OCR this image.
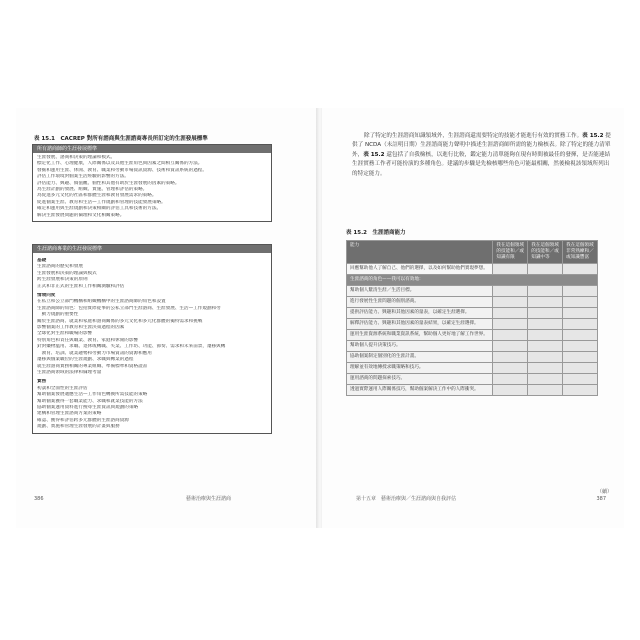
表 15.1　CACREP 對所有諮商與生涯諮商專長所訂定的生涯發展標準
所有諮商師的生涯發展標準
生涯發展、諮商和決策的理論和模式。
標定化工作、心理健康，人際關係以及其他生涯角色與因素之間相互關係的方法。
發掘和運用生涯、休閒、教育、職業和勞動市場資訊資源、技術和資訊系統的過程。
評估工作環境對個案生活經驗的影響的方法。
評估能力、興趣、價值觀、個性和其他有助於生涯發展的因素的策略。
為生涯計劃的發展、組織、實施、管理和評估的策略。
為促進多元文化的社區和群體生涯和教育發展需求的策略。
促進個案生涯、教育和生活—工作規劃和管理的技能發展策略。
確定和運用與生涯規劃和決策相關的評估工具和技術的方法。
解決生涯發展問題的倫理和文化相關策略。
生涯諮商專業的生涯發展標準
基礎
生涯諮商的歷史和發展
生涯發展和決策的理論與模式
跨生涯發展和決策的原則
正式和非正式的生涯和工作相關測驗和評估
情境向度
在私立和公立部門機構和組織機構中的生涯諮商師的角色和設置
生涯諮商師的角色：包括實際從事的公私立部門生涯諮商、生涯發展、生活—工作規劃和勞
　動力規劃的重要性
關於生涯諮商、就業和家庭和諮商關係的多元文化和多元化群體的獨特需求和挑戰
影響個案的工作教育和生涯決策過程的因素
全球化對生涯和職場的影響
特別角色和責任與職業、教育、家庭和休閒的影響
針對藥物濫用、求職、退休或轉職、失業、工作坊、功能、節奏、需求和未來前景，遷移與轉
　教育、培訓、就業趨勢和勞動力市場資訊的資源和應用
遷移與個案職位的生涯規劃、求職與轉業的過程
就生涯諮商實務相關的專業組織、準備標準和資格證書
生涯諮商領域的法律和倫理考量
實務
初談和全面性的生涯評估
幫助個案發展適應生活—工作角色轉換所需技能的策略
幫助個案獲得一套職業能力、求職和就業技能的方法
協助個案運用資料進行搜尋生涯資訊與規劃的策略
建構和管理生涯諮商方案的策略
確認、獲得和評估跨多元群體的生涯諮商資源
規劃、實施和管理生涯發展的計畫與服務
386	藝術治療與生涯諮商
除了特定的生涯諮商知識領域外，生涯諮商還需要特定的技能才能進行有效的實務工作。表 15.2 提供了 NCDA（未註明日期）生涯諮商能力聲明中描述生涯諮商師所需的能力檢核表。除了特定的能力清單外，表 15.2 還包括了自我檢核，以進行比較，鑑定能力清單能夠在現有時間被最佳的發揮，是否能連結生涯實務工作者可能扮演的多種角色。建議的步驟是先檢核哪些角色可能最相關，然後檢視該領域所列出的特定能力。
表 15.2　生涯諮商能力
能力	我在這個領域的技能和／或知識有限	我在這個領域的技能和／或知識中等	我在這個領域非常熟練和／或知識豐富
回應幫助他人了解自己、他們的選擇，以及如何幫助他們實現夢想。			
生涯諮商的角色——我可以有效地：			
幫助個人釐清生涯／生活目標。			
進行發展性生涯問題的個別諮商。			
提供評估能力、興趣和其他因素的量表，以確定生涯選擇。			
解釋評估能力、興趣和其他因素的量表結果，以確定生涯選擇。			
運用生涯資源系統和職業資訊系統，幫助個人更好地了解工作世界。			
幫助個人提升決策技巧。			
協助個案制定個別化的生涯計畫。			
理解並有效地傳授求職策略和技巧。			
運用諮商的問題探索技巧。			
透過實際運用人際關係技巧，幫助個案解決工作中的人際衝突。			
（續）
第十五章　藝術治療與／生涯諮商與自我評估	387
